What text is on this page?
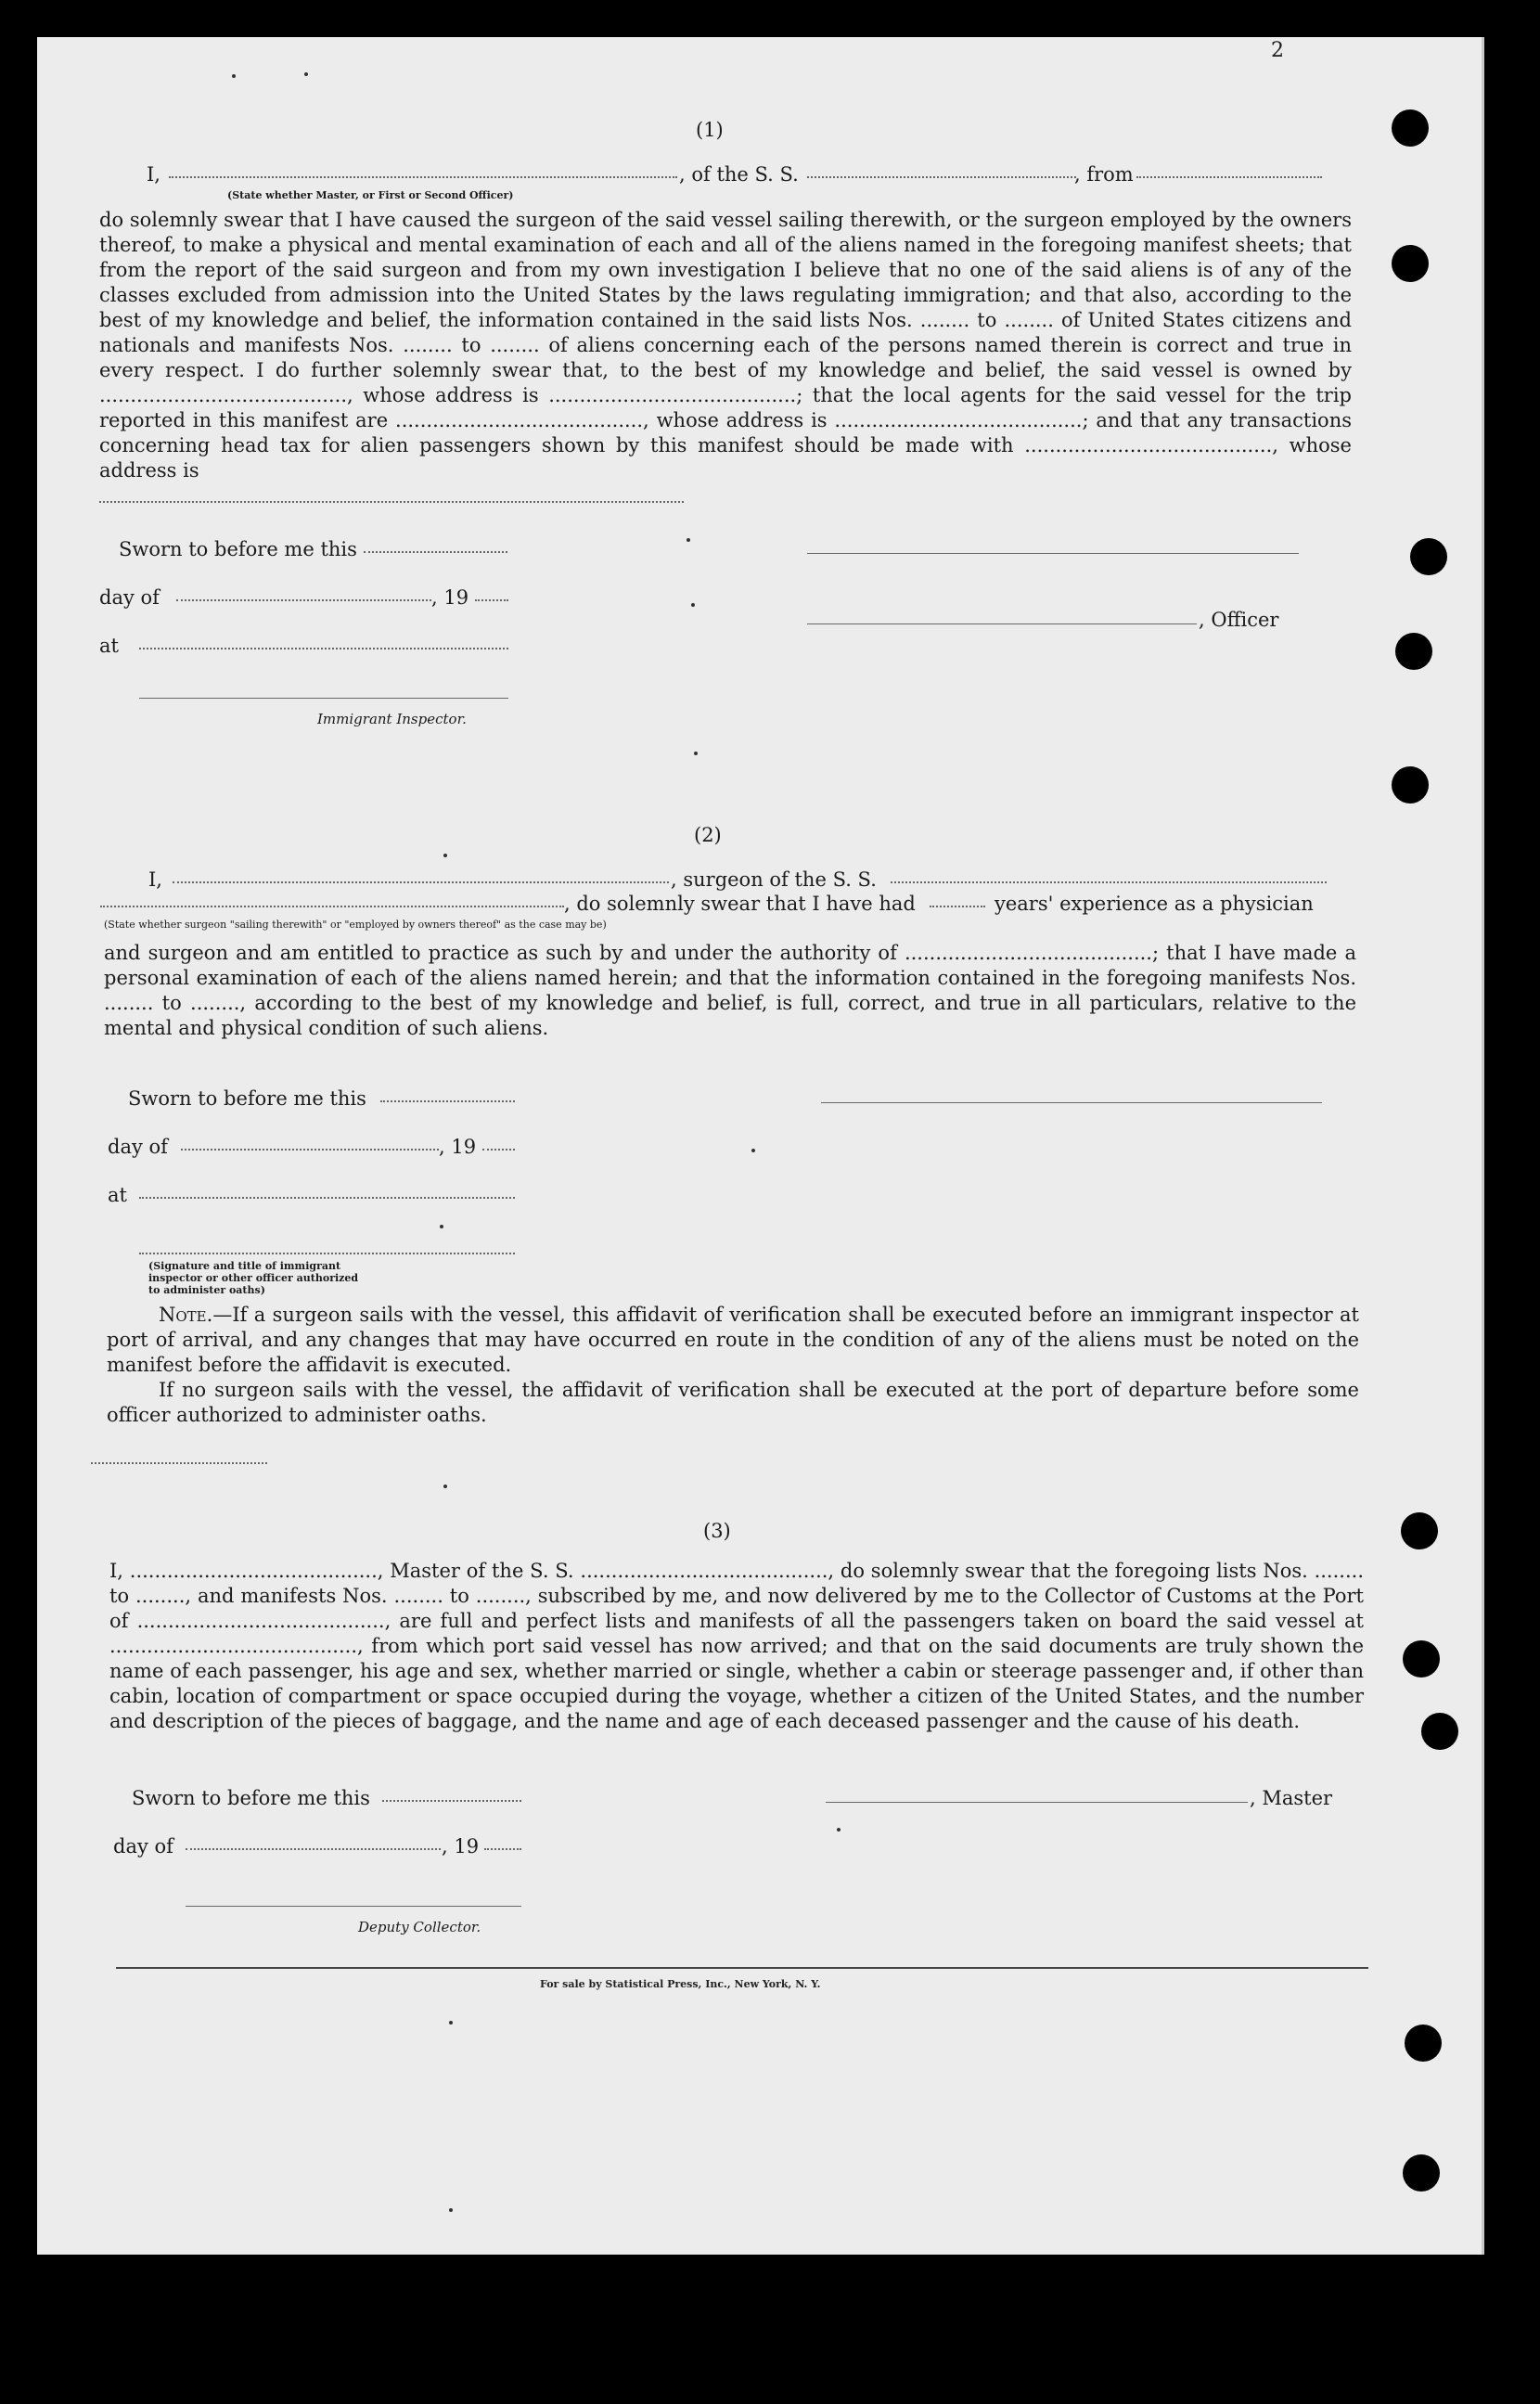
2
(1)
I,	, of the S. S.	, from
(State whether Master, or First or Second Officer)
do solemnly swear that I have caused the surgeon of the said vessel sailing therewith, or the surgeon employed by the owners thereof, to make a physical and mental examination of each and all of the aliens named in the foregoing manifest sheets; that from the report of the said surgeon and from my own investigation I believe that no one of the said aliens is of any of the classes excluded from admission into the United States by the laws regulating immigration; and that also, according to the best of my knowledge and belief, the information contained in the said lists Nos. ........ to ........ of United States citizens and nationals and manifests Nos. ........ to ........ of aliens concerning each of the persons named therein is correct and true in every respect. I do further solemnly swear that, to the best of my knowledge and belief, the said vessel is owned by ........................................, whose address is ........................................; that the local agents for the said vessel for the trip reported in this manifest are ........................................, whose address is ........................................; and that any transactions concerning head tax for alien passengers shown by this manifest should be made with ........................................, whose address is
Sworn to before me this
day of	, 19
at
Immigrant Inspector.
, Officer
(2)
I,	, surgeon of the S. S.
, do solemnly swear that I have had	years' experience as a physician
(State whether surgeon "sailing therewith" or "employed by owners thereof" as the case may be)
and surgeon and am entitled to practice as such by and under the authority of ........................................; that I have made a personal examination of each of the aliens named herein; and that the information contained in the foregoing manifests Nos. ........ to ........, according to the best of my knowledge and belief, is full, correct, and true in all particulars, relative to the mental and physical condition of such aliens.
Sworn to before me this
day of	, 19
at
(Signature and title of immigrant inspector or other officer authorized to administer oaths)
Note.—If a surgeon sails with the vessel, this affidavit of verification shall be executed before an immigrant inspector at port of arrival, and any changes that may have occurred en route in the condition of any of the aliens must be noted on the manifest before the affidavit is executed.
If no surgeon sails with the vessel, the affidavit of verification shall be executed at the port of departure before some officer authorized to administer oaths.
(3)
I, ........................................, Master of the S. S. ........................................, do solemnly swear that the foregoing lists Nos. ........ to ........, and manifests Nos. ........ to ........, subscribed by me, and now delivered by me to the Collector of Customs at the Port of ........................................, are full and perfect lists and manifests of all the passengers taken on board the said vessel at ........................................, from which port said vessel has now arrived; and that on the said documents are truly shown the name of each passenger, his age and sex, whether married or single, whether a cabin or steerage passenger and, if other than cabin, location of compartment or space occupied during the voyage, whether a citizen of the United States, and the number and description of the pieces of baggage, and the name and age of each deceased passenger and the cause of his death.
Sworn to before me this
day of	, 19
Deputy Collector.
, Master
For sale by Statistical Press, Inc., New York, N. Y.
